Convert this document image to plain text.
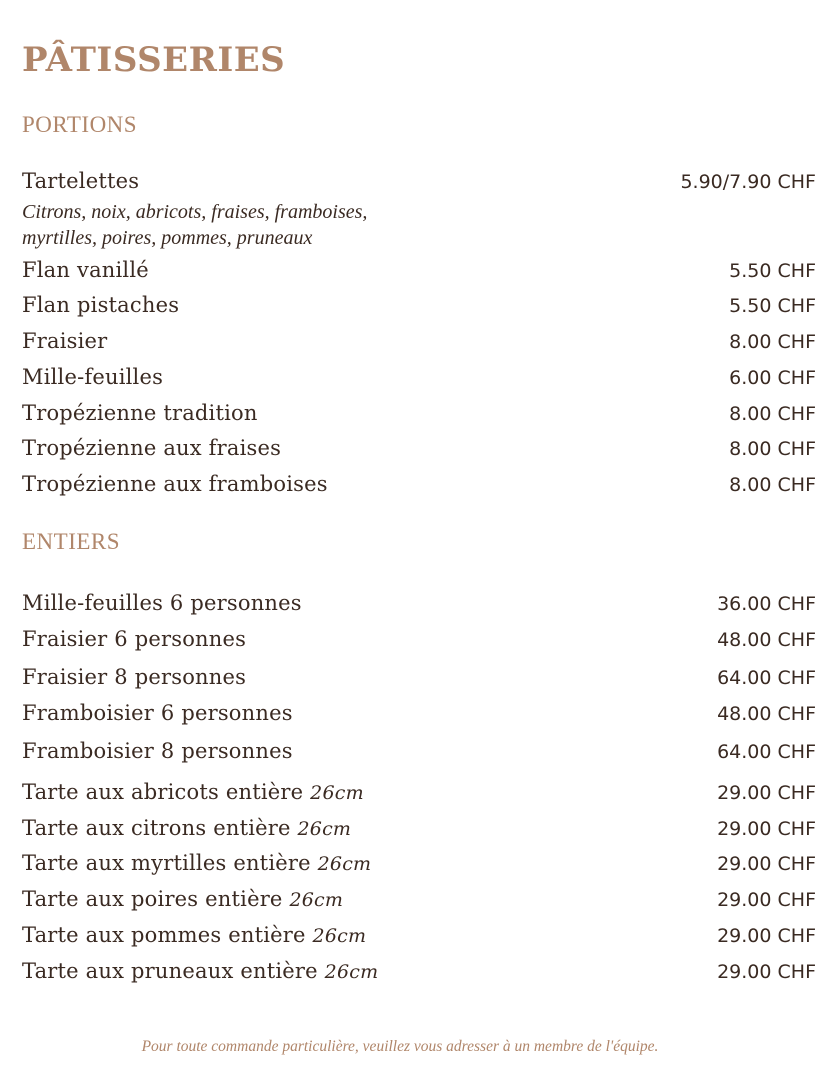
PÂTISSERIES
PORTIONS
Tartelettes	5.90/7.90 CHF
Citrons, noix, abricots, fraises, framboises,
myrtilles, poires, pommes, pruneaux
Flan vanillé	5.50 CHF
Flan pistaches	5.50 CHF
Fraisier	8.00 CHF
Mille-feuilles	6.00 CHF
Tropézienne tradition	8.00 CHF
Tropézienne aux fraises	8.00 CHF
Tropézienne aux framboises	8.00 CHF
ENTIERS
Mille-feuilles 6 personnes	36.00 CHF
Fraisier 6 personnes	48.00 CHF
Fraisier 8 personnes	64.00 CHF
Framboisier 6 personnes	48.00 CHF
Framboisier 8 personnes	64.00 CHF
Tarte aux abricots entière 26cm	29.00 CHF
Tarte aux citrons entière 26cm	29.00 CHF
Tarte aux myrtilles entière 26cm	29.00 CHF
Tarte aux poires entière 26cm	29.00 CHF
Tarte aux pommes entière 26cm	29.00 CHF
Tarte aux pruneaux entière 26cm	29.00 CHF
Pour toute commande particulière, veuillez vous adresser à un membre de l'équipe.
